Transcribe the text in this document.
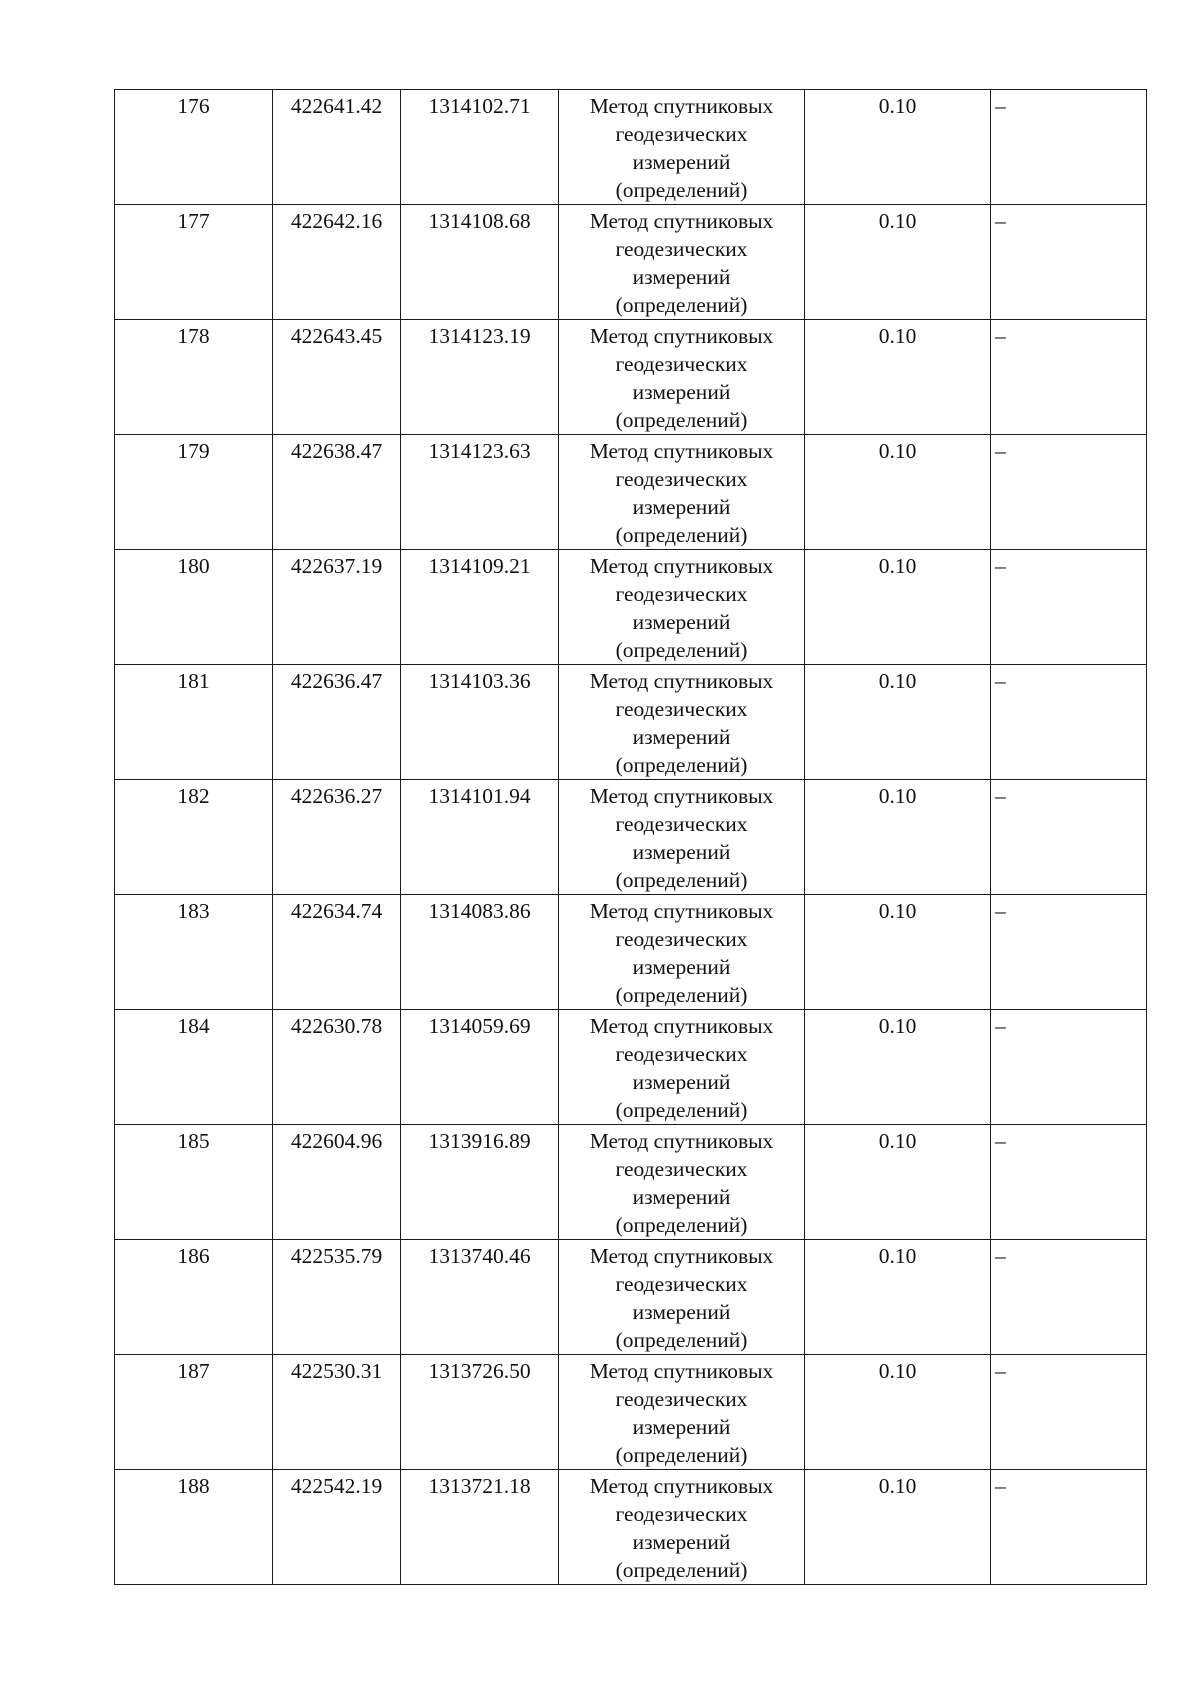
176	422641.42	1314102.71	Метод спутниковых
геодезических
измерений
(определений)	0.10	–
177	422642.16	1314108.68	Метод спутниковых
геодезических
измерений
(определений)	0.10	–
178	422643.45	1314123.19	Метод спутниковых
геодезических
измерений
(определений)	0.10	–
179	422638.47	1314123.63	Метод спутниковых
геодезических
измерений
(определений)	0.10	–
180	422637.19	1314109.21	Метод спутниковых
геодезических
измерений
(определений)	0.10	–
181	422636.47	1314103.36	Метод спутниковых
геодезических
измерений
(определений)	0.10	–
182	422636.27	1314101.94	Метод спутниковых
геодезических
измерений
(определений)	0.10	–
183	422634.74	1314083.86	Метод спутниковых
геодезических
измерений
(определений)	0.10	–
184	422630.78	1314059.69	Метод спутниковых
геодезических
измерений
(определений)	0.10	–
185	422604.96	1313916.89	Метод спутниковых
геодезических
измерений
(определений)	0.10	–
186	422535.79	1313740.46	Метод спутниковых
геодезических
измерений
(определений)	0.10	–
187	422530.31	1313726.50	Метод спутниковых
геодезических
измерений
(определений)	0.10	–
188	422542.19	1313721.18	Метод спутниковых
геодезических
измерений
(определений)	0.10	–
